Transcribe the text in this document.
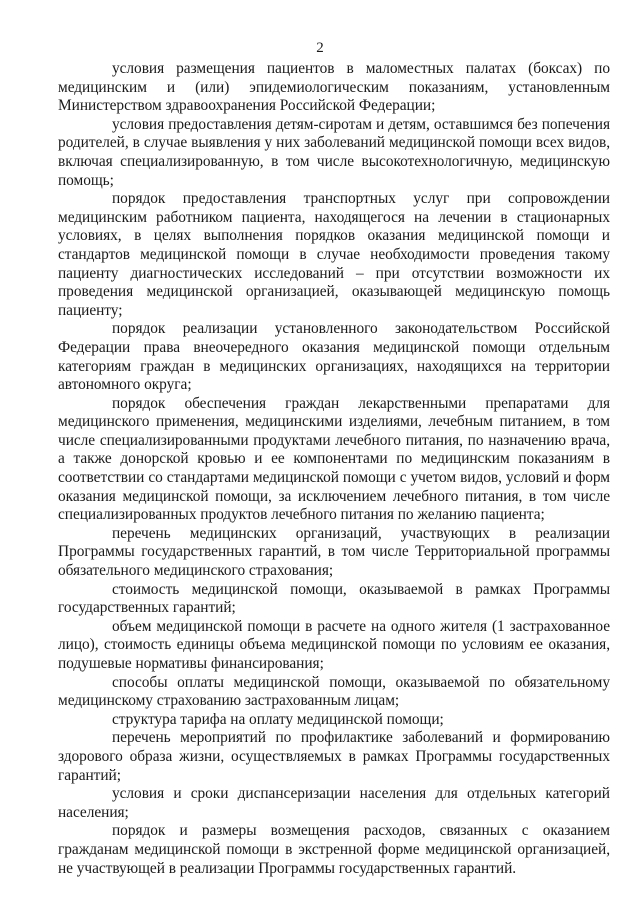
2

условия размещения пациентов в маломестных палатах (боксах) по медицинским и (или) эпидемиологическим показаниям, установленным Министерством здравоохранения Российской Федерации;

условия предоставления детям-сиротам и детям, оставшимся без попечения родителей, в случае выявления у них заболеваний медицинской помощи всех видов, включая специализированную, в том числе высокотехнологичную, медицинскую помощь;

порядок предоставления транспортных услуг при сопровождении медицинским работником пациента, находящегося на лечении в стационарных условиях, в целях выполнения порядков оказания медицинской помощи и стандартов медицинской помощи в случае необходимости проведения такому пациенту диагностических исследований – при отсутствии возможности их проведения медицинской организацией, оказывающей медицинскую помощь пациенту;

порядок реализации установленного законодательством Российской Федерации права внеочередного оказания медицинской помощи отдельным категориям граждан в медицинских организациях, находящихся на территории автономного округа;

порядок обеспечения граждан лекарственными препаратами для медицинского применения, медицинскими изделиями, лечебным питанием, в том числе специализированными продуктами лечебного питания, по назначению врача, а также донорской кровью и ее компонентами по медицинским показаниям в соответствии со стандартами медицинской помощи с учетом видов, условий и форм оказания медицинской помощи, за исключением лечебного питания, в том числе специализированных продуктов лечебного питания по желанию пациента;

перечень медицинских организаций, участвующих в реализации Программы государственных гарантий, в том числе Территориальной программы обязательного медицинского страхования;

стоимость медицинской помощи, оказываемой в рамках Программы государственных гарантий;

объем медицинской помощи в расчете на одного жителя (1 застрахованное лицо), стоимость единицы объема медицинской помощи по условиям ее оказания, подушевые нормативы финансирования;

способы оплаты медицинской помощи, оказываемой по обязательному медицинскому страхованию застрахованным лицам;

структура тарифа на оплату медицинской помощи;

перечень мероприятий по профилактике заболеваний и формированию здорового образа жизни, осуществляемых в рамках Программы государственных гарантий;

условия и сроки диспансеризации населения для отдельных категорий населения;

порядок и размеры возмещения расходов, связанных с оказанием гражданам медицинской помощи в экстренной форме медицинской организацией, не участвующей в реализации Программы государственных гарантий.
